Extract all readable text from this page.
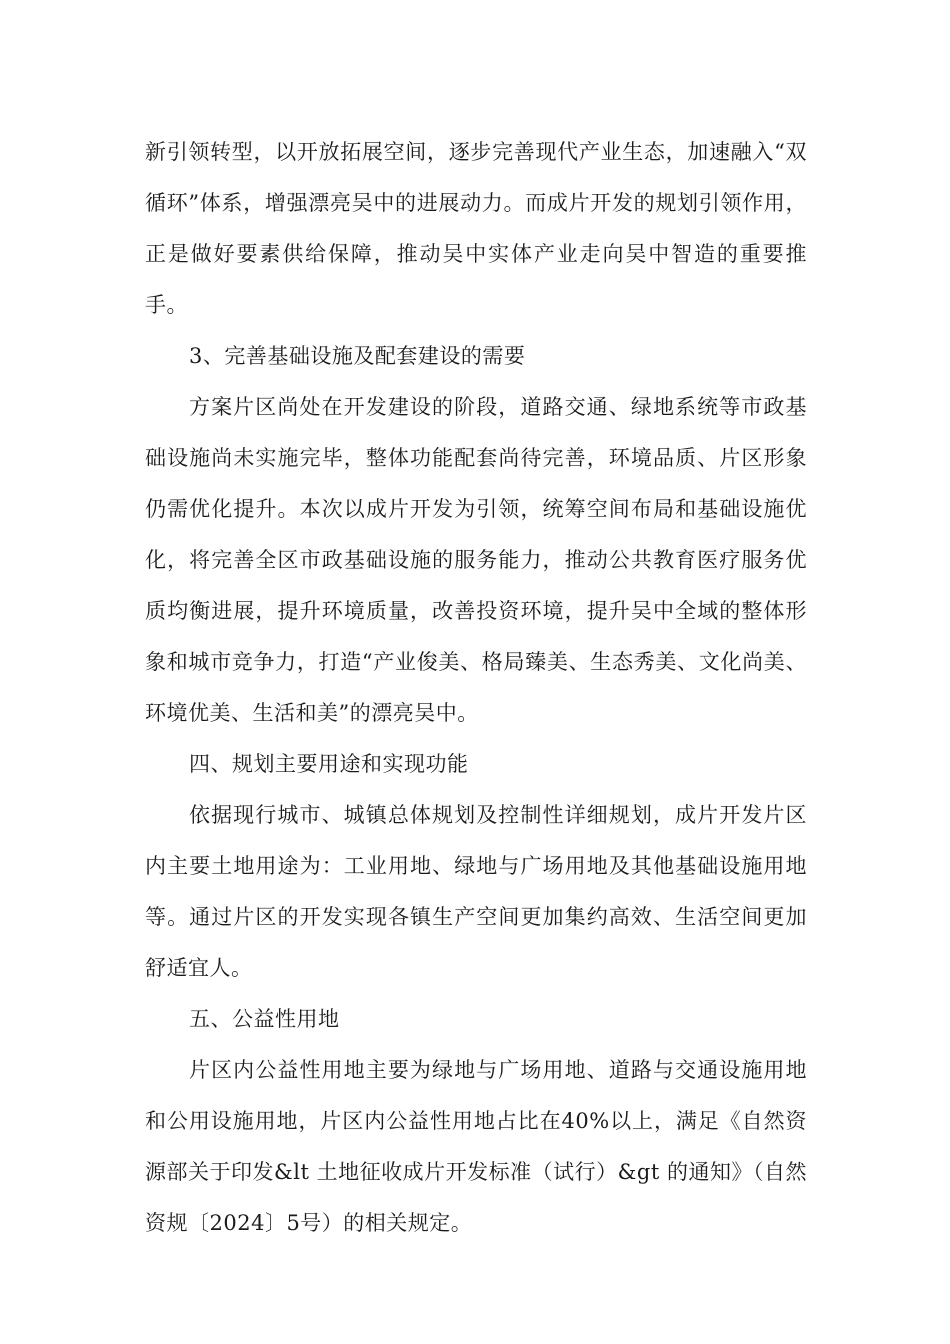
新引领转型，以开放拓展空间，逐步完善现代产业生态，加速融入“双循环”体系，增强漂亮吴中的进展动力。而成片开发的规划引领作用，正是做好要素供给保障，推动吴中实体产业走向吴中智造的重要推手。

3、完善基础设施及配套建设的需要

方案片区尚处在开发建设的阶段，道路交通、绿地系统等市政基础设施尚未实施完毕，整体功能配套尚待完善，环境品质、片区形象仍需优化提升。本次以成片开发为引领，统筹空间布局和基础设施优化，将完善全区市政基础设施的服务能力，推动公共教育医疗服务优质均衡进展，提升环境质量，改善投资环境，提升吴中全域的整体形象和城市竞争力，打造“产业俊美、格局臻美、生态秀美、文化尚美、环境优美、生活和美”的漂亮吴中。

四、规划主要用途和实现功能

依据现行城市、城镇总体规划及控制性详细规划，成片开发片区内主要土地用途为：工业用地、绿地与广场用地及其他基础设施用地等。通过片区的开发实现各镇生产空间更加集约高效、生活空间更加舒适宜人。

五、公益性用地

片区内公益性用地主要为绿地与广场用地、道路与交通设施用地和公用设施用地，片区内公益性用地占比在40%以上，满足《自然资源部关于印发&lt 土地征收成片开发标准（试行）&gt 的通知》（自然资规〔2024〕5号）的相关规定。
